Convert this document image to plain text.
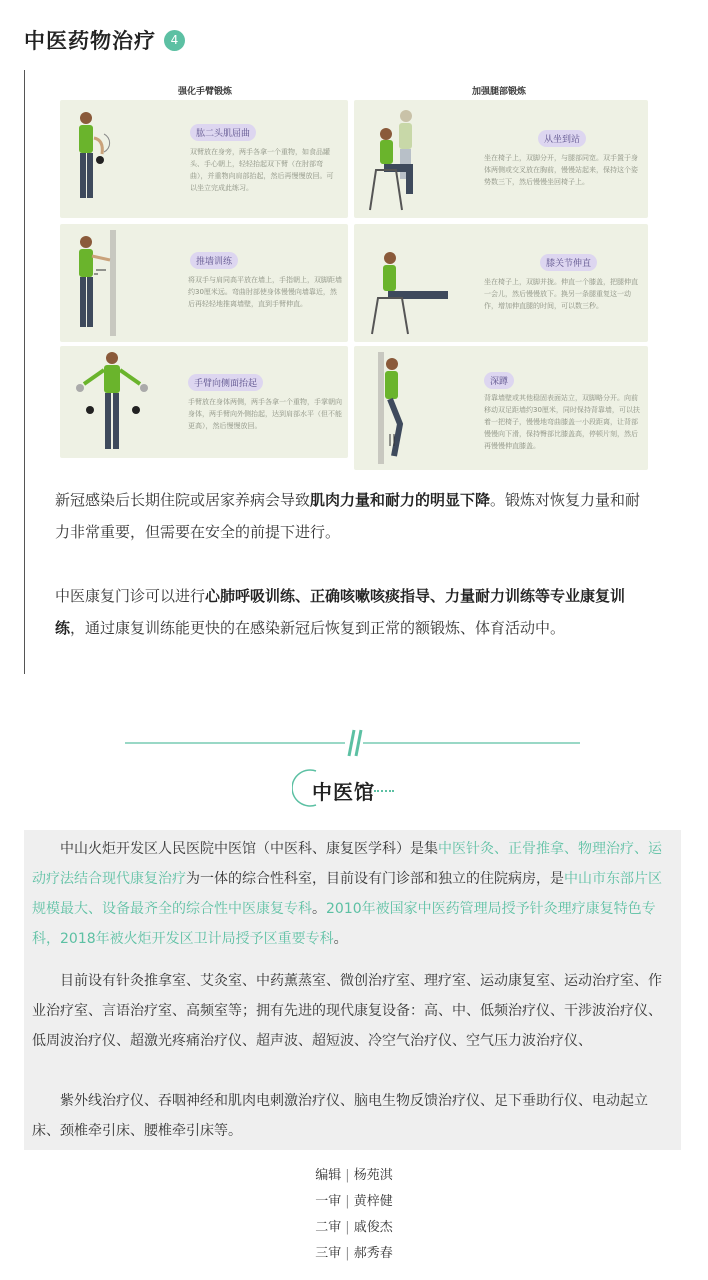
中医药物治疗	4
强化手臂锻炼	加强腿部锻炼
肱二头肌屈曲
双臂放在身旁，两手各拿一个重物，如食品罐头、手心朝上，轻轻抬起双下臂（在肘部弯曲），并重物向肩部抬起，然后再慢慢放回。可以坐立完成此练习。
从坐到站
坐在椅子上，双脚分开，与腿部同宽。双手置于身体两侧或交叉放在胸前，慢慢站起来，保持这个姿势数三下，然后慢慢坐回椅子上。
推墙训练
将双手与肩同高平放在墙上，手指朝上，双脚距墙约30厘米远。弯曲肘部使身体慢慢向墙靠近，然后再轻轻地推离墙壁，直到手臂伸直。
膝关节伸直
坐在椅子上，双脚并拢。伸直一个膝盖，把腿伸直一会儿，然后慢慢放下。换另一条腿重复这一动作，增加伸直腿的时间，可以数三秒。
手臂向侧面抬起
手臂放在身体两侧，两手各拿一个重物，手掌朝向身体，两手臂向外侧抬起，达到肩部水平（但不能更高），然后慢慢放回。
深蹲
背靠墙壁或其他稳固表面站立，双脚略分开。向前移动双足距墙约30厘米，同时保持背靠墙，可以扶着一把椅子，慢慢地弯曲膝盖一小段距离，让背部慢慢向下滑，保持臀部比膝盖高，停顿片刻，然后再慢慢伸直膝盖。

新冠感染后长期住院或居家养病会导致肌肉力量和耐力的明显下降。锻炼对恢复力量和耐力非常重要，但需要在安全的前提下进行。

中医康复门诊可以进行心肺呼吸训练、正确咳嗽咳痰指导、力量耐力训练等专业康复训练，通过康复训练能更快的在感染新冠后恢复到正常的额锻炼、体育活动中。

中医馆

中山火炬开发区人民医院中医馆（中医科、康复医学科）是集中医针灸、正骨推拿、物理治疗、运动疗法结合现代康复治疗为一体的综合性科室，目前设有门诊部和独立的住院病房，是中山市东部片区规模最大、设备最齐全的综合性中医康复专科。2010年被国家中医药管理局授予针灸理疗康复特色专科，2018年被火炬开发区卫计局授予区重要专科。

目前设有针灸推拿室、艾灸室、中药薰蒸室、微创治疗室、理疗室、运动康复室、运动治疗室、作业治疗室、言语治疗室、高频室等；拥有先进的现代康复设备：高、中、低频治疗仪、干涉波治疗仪、低周波治疗仪、超激光疼痛治疗仪、超声波、超短波、冷空气治疗仪、空气压力波治疗仪、

紫外线治疗仪、吞咽神经和肌肉电刺激治疗仪、脑电生物反馈治疗仪、足下垂助行仪、电动起立床、颈椎牵引床、腰椎牵引床等。

编辑 | 杨苑淇
一审 | 黄梓健
二审 | 戚俊杰
三审 | 郝秀春
